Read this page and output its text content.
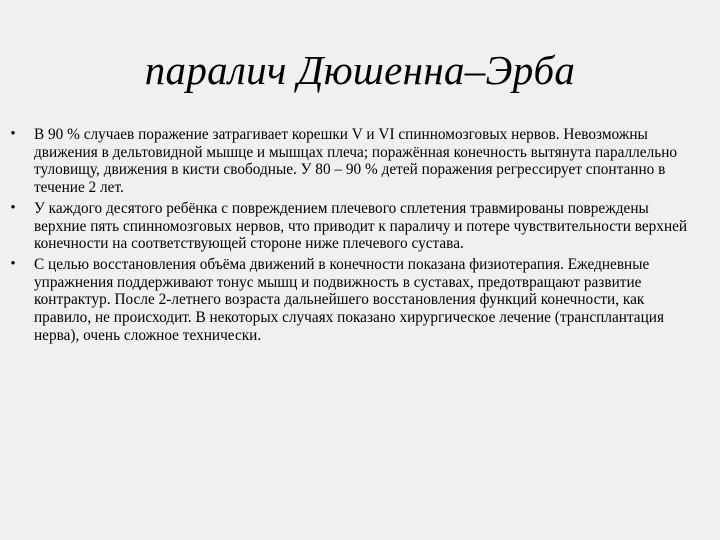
паралич Дюшенна–Эрба
• В 90 % случаев поражение затрагивает корешки V и VI спинномозговых нервов. Невозможны движения в дельтовидной мышце и мышцах плеча; поражённая конечность вытянута параллельно туловищу, движения в кисти свободные. У 80 – 90 % детей поражения регрессирует спонтанно в течение 2 лет.
• У каждого десятого ребёнка с повреждением плечевого сплетения травмированы повреждены верхние пять спинномозговых нервов, что приводит к параличу и потере чувствительности верхней конечности на соответствующей стороне ниже плечевого сустава.
• С целью восстановления объёма движений в конечности показана физиотерапия. Ежедневные упражнения поддерживают тонус мышц и подвижность в суставах, предотвращают развитие контрактур. После 2-летнего возраста дальнейшего восстановления функций конечности, как правило, не происходит. В некоторых случаях показано хирургическое лечение (трансплантация нерва), очень сложное технически.
